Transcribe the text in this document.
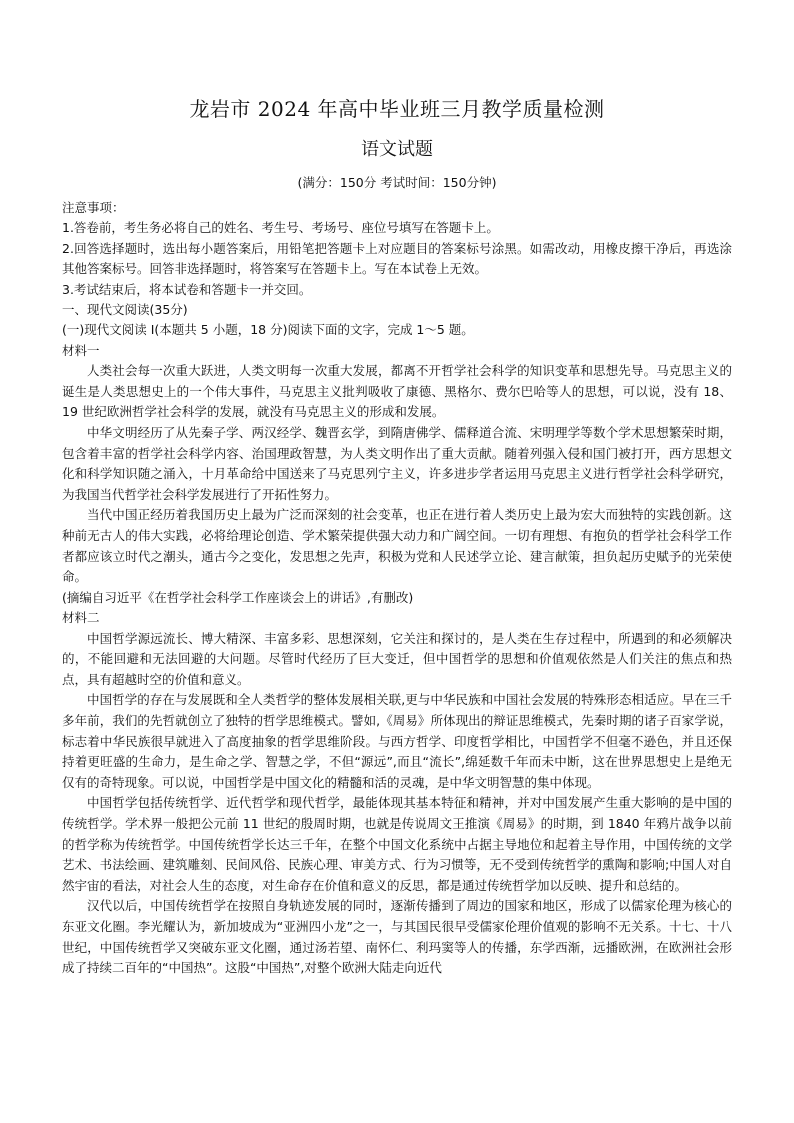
龙岩市 2024 年高中毕业班三月教学质量检测
语文试题
(满分：150分 考试时间：150分钟)

注意事项：

1.答卷前，考生务必将自己的姓名、考生号、考场号、座位号填写在答题卡上。

2.回答选择题时，选出每小题答案后，用铅笔把答题卡上对应题目的答案标号涂黑。如需改动，用橡皮擦干净后，再选涂其他答案标号。回答非选择题时，将答案写在答题卡上。写在本试卷上无效。

3.考试结束后，将本试卷和答题卡一并交回。

一、现代文阅读(35分)

(一)现代文阅读 I(本题共 5 小题，18 分)阅读下面的文字，完成 1～5 题。

材料一

人类社会每一次重大跃进，人类文明每一次重大发展，都离不开哲学社会科学的知识变革和思想先导。马克思主义的诞生是人类思想史上的一个伟大事件，马克思主义批判吸收了康德、黑格尔、费尔巴哈等人的思想，可以说，没有 18、19 世纪欧洲哲学社会科学的发展，就没有马克思主义的形成和发展。

中华文明经历了从先秦子学、两汉经学、魏晋玄学，到隋唐佛学、儒释道合流、宋明理学等数个学术思想繁荣时期，包含着丰富的哲学社会科学内容、治国理政智慧，为人类文明作出了重大贡献。随着列强入侵和国门被打开，西方思想文化和科学知识随之涌入，十月革命给中国送来了马克思列宁主义，许多进步学者运用马克思主义进行哲学社会科学研究，为我国当代哲学社会科学发展进行了开拓性努力。

当代中国正经历着我国历史上最为广泛而深刻的社会变革，也正在进行着人类历史上最为宏大而独特的实践创新。这种前无古人的伟大实践，必将给理论创造、学术繁荣提供强大动力和广阔空间。一切有理想、有抱负的哲学社会科学工作者都应该立时代之潮头，通古今之变化，发思想之先声，积极为党和人民述学立论、建言献策，担负起历史赋予的光荣使命。

(摘编自习近平《在哲学社会科学工作座谈会上的讲话》,有删改)

材料二

中国哲学源远流长、博大精深、丰富多彩、思想深刻，它关注和探讨的，是人类在生存过程中，所遇到的和必须解决的，不能回避和无法回避的大问题。尽管时代经历了巨大变迁，但中国哲学的思想和价值观依然是人们关注的焦点和热点，具有超越时空的价值和意义。

中国哲学的存在与发展既和全人类哲学的整体发展相关联,更与中华民族和中国社会发展的特殊形态相适应。早在三千多年前，我们的先哲就创立了独特的哲学思维模式。譬如,《周易》所体现出的辩证思维模式，先秦时期的诸子百家学说，标志着中华民族很早就进入了高度抽象的哲学思维阶段。与西方哲学、印度哲学相比，中国哲学不但毫不逊色，并且还保持着更旺盛的生命力，是生命之学、智慧之学，不但“源远”,而且“流长”,绵延数千年而未中断，这在世界思想史上是绝无仅有的奇特现象。可以说，中国哲学是中国文化的精髓和活的灵魂，是中华文明智慧的集中体现。

中国哲学包括传统哲学、近代哲学和现代哲学，最能体现其基本特征和精神，并对中国发展产生重大影响的是中国的传统哲学。学术界一般把公元前 11 世纪的殷周时期，也就是传说周文王推演《周易》的时期，到 1840 年鸦片战争以前的哲学称为传统哲学。中国传统哲学长达三千年，在整个中国文化系统中占据主导地位和起着主导作用，中国传统的文学艺术、书法绘画、建筑雕刻、民间风俗、民族心理、审美方式、行为习惯等，无不受到传统哲学的熏陶和影响;中国人对自然宇宙的看法，对社会人生的态度，对生命存在价值和意义的反思，都是通过传统哲学加以反映、提升和总结的。

汉代以后，中国传统哲学在按照自身轨迹发展的同时，逐渐传播到了周边的国家和地区，形成了以儒家伦理为核心的东亚文化圈。李光耀认为，新加坡成为“亚洲四小龙”之一，与其国民很早受儒家伦理价值观的影响不无关系。十七、十八世纪，中国传统哲学又突破东亚文化圈，通过汤若望、南怀仁、利玛窦等人的传播，东学西渐，远播欧洲，在欧洲社会形成了持续二百年的“中国热”。这股“中国热”,对整个欧洲大陆走向近代
